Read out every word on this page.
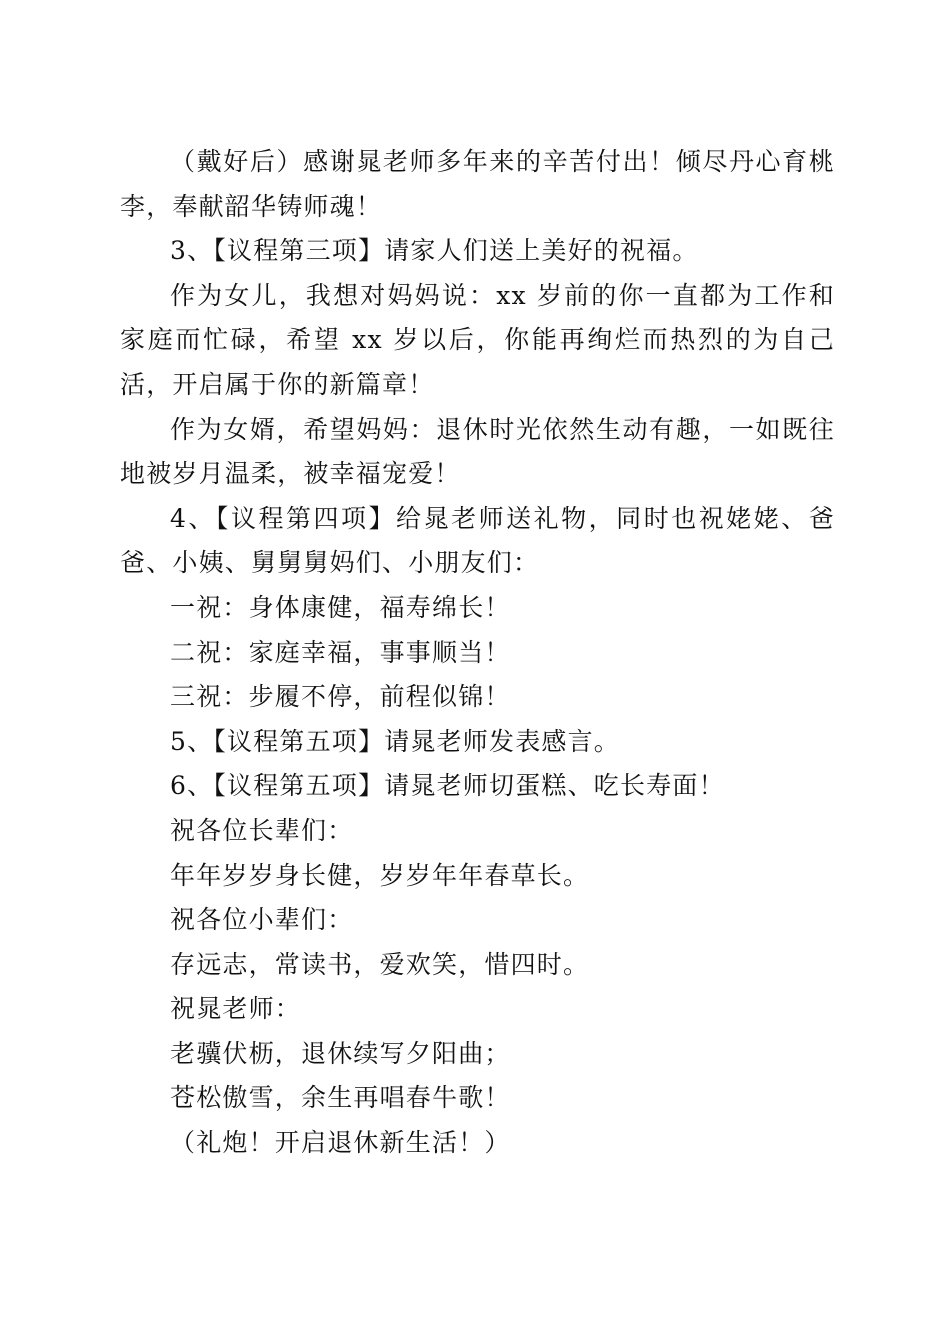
（戴好后）感谢晁老师多年来的辛苦付出！倾尽丹心育桃李，奉献韶华铸师魂！

3、【议程第三项】请家人们送上美好的祝福。

作为女儿，我想对妈妈说：xx 岁前的你一直都为工作和家庭而忙碌，希望 xx 岁以后，你能再绚烂而热烈的为自己活，开启属于你的新篇章！

作为女婿，希望妈妈：退休时光依然生动有趣，一如既往地被岁月温柔，被幸福宠爱！

4、【议程第四项】给晁老师送礼物，同时也祝姥姥、爸爸、小姨、舅舅舅妈们、小朋友们：

一祝：身体康健，福寿绵长！

二祝：家庭幸福，事事顺当！

三祝：步履不停，前程似锦！

5、【议程第五项】请晁老师发表感言。

6、【议程第五项】请晁老师切蛋糕、吃长寿面！

祝各位长辈们：

年年岁岁身长健，岁岁年年春草长。

祝各位小辈们：

存远志，常读书，爱欢笑，惜四时。

祝晁老师：

老骥伏枥，退休续写夕阳曲；

苍松傲雪，余生再唱春牛歌！

（礼炮！开启退休新生活！）
